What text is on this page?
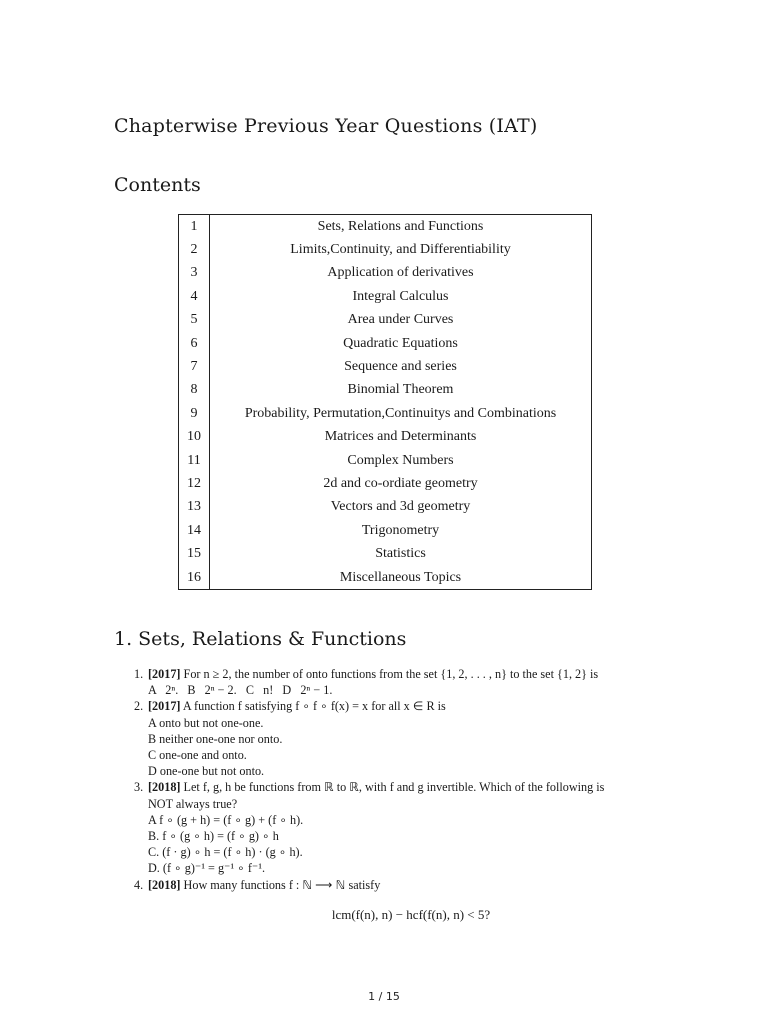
Chapterwise Previous Year Questions (IAT)
Contents
1	Sets, Relations and Functions
2	Limits,Continuity, and Differentiability
3	Application of derivatives
4	Integral Calculus
5	Area under Curves
6	Quadratic Equations
7	Sequence and series
8	Binomial Theorem
9	Probability, Permutation,Continuitys and Combinations
10	Matrices and Determinants
11	Complex Numbers
12	2d and co-ordiate geometry
13	Vectors and 3d geometry
14	Trigonometry
15	Statistics
16	Miscellaneous Topics
1. Sets, Relations & Functions
1. [2017] For n ≥ 2, the number of onto functions from the set {1, 2, . . . , n} to the set {1, 2} is
A   2ⁿ.   B   2ⁿ − 2.   C   n!   D   2ⁿ − 1.
2. [2017] A function f satisfying f ∘ f ∘ f(x) = x for all x ∈ R is
A onto but not one-one.
B neither one-one nor onto.
C one-one and onto.
D one-one but not onto.
3. [2018] Let f, g, h be functions from ℝ to ℝ, with f and g invertible. Which of the following is
NOT always true?
A f ∘ (g + h) = (f ∘ g) + (f ∘ h).
B. f ∘ (g ∘ h) = (f ∘ g) ∘ h
C. (f · g) ∘ h = (f ∘ h) · (g ∘ h).
D. (f ∘ g)⁻¹ = g⁻¹ ∘ f⁻¹.
4. [2018] How many functions f : ℕ ⟶ ℕ satisfy
lcm(f(n), n) − hcf(f(n), n) < 5?
1 / 15
